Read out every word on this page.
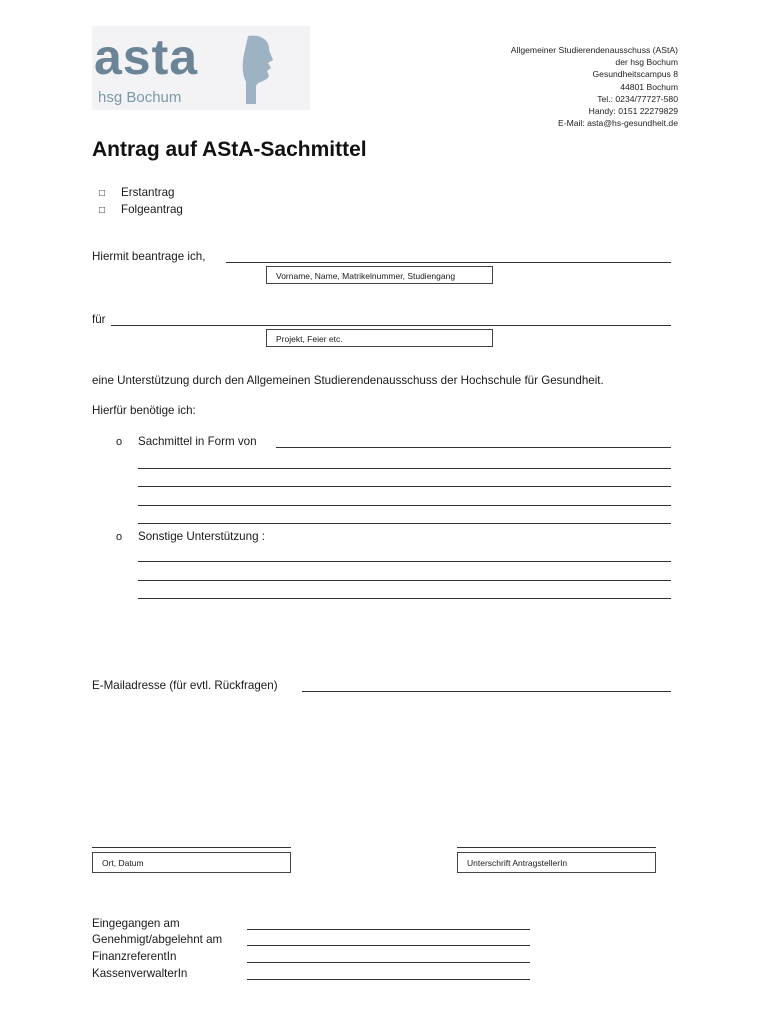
asta
hsg Bochum
Allgemeiner Studierendenausschuss (AStA)
der hsg Bochum
Gesundheitscampus 8
44801 Bochum
Tel.: 0234/77727-580
Handy: 0151 22279829
E-Mail: asta@hs-gesundheit.de
Antrag auf AStA-Sachmittel
□ Erstantrag
□ Folgeantrag
Hiermit beantrage ich,
Vorname, Name, Matrikelnummer, Studiengang
für
Projekt, Feier etc.
eine Unterstützung durch den Allgemeinen Studierendenausschuss der Hochschule für Gesundheit.
Hierfür benötige ich:
o Sachmittel in Form von
o Sonstige Unterstützung :
E-Mailadresse (für evtl. Rückfragen)
Ort, Datum	Unterschrift AntragstellerIn
Eingegangen am
Genehmigt/abgelehnt am
FinanzreferentIn
KassenverwalterIn
